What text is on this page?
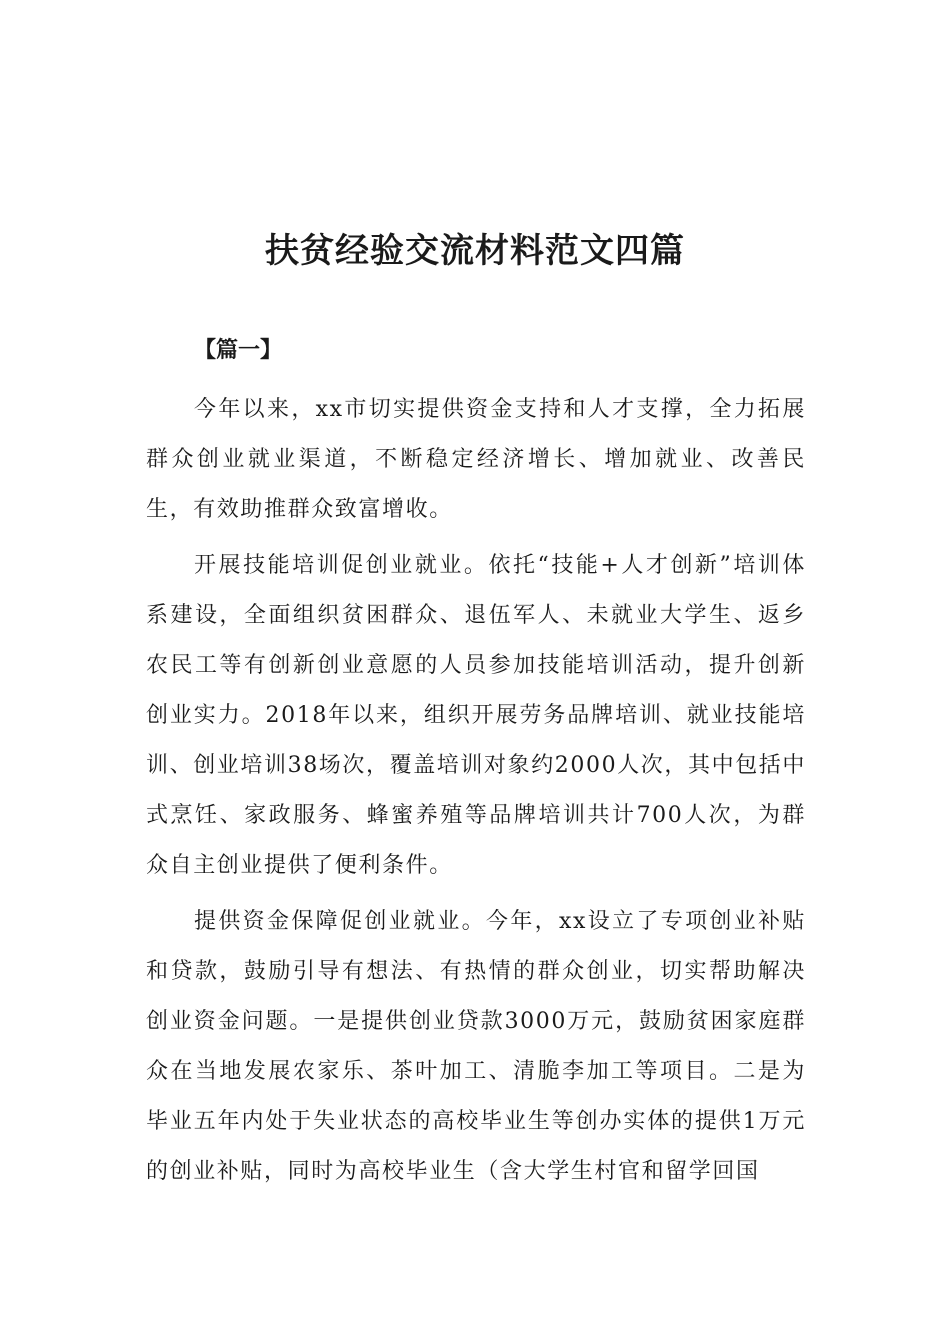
扶贫经验交流材料范文四篇

【篇一】

今年以来，xx市切实提供资金支持和人才支撑，全力拓展群众创业就业渠道，不断稳定经济增长、增加就业、改善民生，有效助推群众致富增收。

开展技能培训促创业就业。依托“技能+人才创新”培训体系建设，全面组织贫困群众、退伍军人、未就业大学生、返乡农民工等有创新创业意愿的人员参加技能培训活动，提升创新创业实力。2018年以来，组织开展劳务品牌培训、就业技能培训、创业培训38场次，覆盖培训对象约2000人次，其中包括中式烹饪、家政服务、蜂蜜养殖等品牌培训共计700人次，为群众自主创业提供了便利条件。

提供资金保障促创业就业。今年，xx设立了专项创业补贴和贷款，鼓励引导有想法、有热情的群众创业，切实帮助解决创业资金问题。一是提供创业贷款3000万元，鼓励贫困家庭群众在当地发展农家乐、茶叶加工、清脆李加工等项目。二是为毕业五年内处于失业状态的高校毕业生等创办实体的提供1万元的创业补贴，同时为高校毕业生（含大学生村官和留学回国
